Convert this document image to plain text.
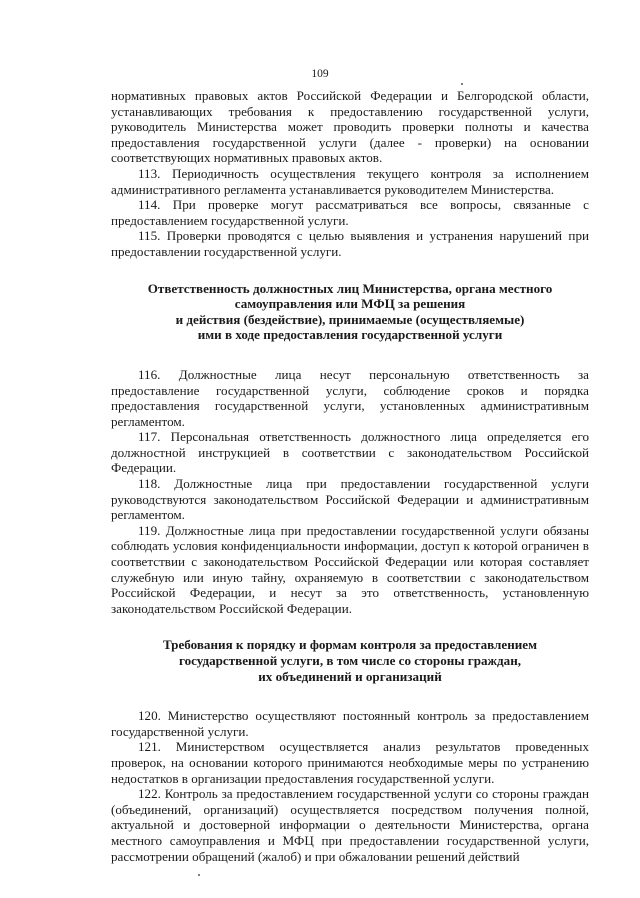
109

нормативных правовых актов Российской Федерации и Белгородской области, устанавливающих требования к предоставлению государственной услуги, руководитель Министерства может проводить проверки полноты и качества предоставления государственной услуги (далее - проверки) на основании соответствующих нормативных правовых актов.

113. Периодичность осуществления текущего контроля за исполнением административного регламента устанавливается руководителем Министерства.

114. При проверке могут рассматриваться все вопросы, связанные с предоставлением государственной услуги.

115. Проверки проводятся с целью выявления и устранения нарушений при предоставлении государственной услуги.

Ответственность должностных лиц Министерства, органа местного

самоуправления или МФЦ за решения

и действия (бездействие), принимаемые (осуществляемые)

ими в ходе предоставления государственной услуги

116. Должностные лица несут персональную ответственность за предоставление государственной услуги, соблюдение сроков и порядка предоставления государственной услуги, установленных административным регламентом.

117. Персональная ответственность должностного лица определяется его должностной инструкцией в соответствии с законодательством Российской Федерации.

118. Должностные лица при предоставлении государственной услуги руководствуются законодательством Российской Федерации и административным регламентом.

119. Должностные лица при предоставлении государственной услуги обязаны соблюдать условия конфиденциальности информации, доступ к которой ограничен в соответствии с законодательством Российской Федерации или которая составляет служебную или иную тайну, охраняемую в соответствии с законодательством Российской Федерации, и несут за это ответственность, установленную законодательством Российской Федерации.

Требования к порядку и формам контроля за предоставлением

государственной услуги, в том числе со стороны граждан,

их объединений и организаций

120. Министерство осуществляют постоянный контроль за предоставлением государственной услуги.

121. Министерством осуществляется анализ результатов проведенных проверок, на основании которого принимаются необходимые меры по устранению недостатков в организации предоставления государственной услуги.

122. Контроль за предоставлением государственной услуги со стороны граждан (объединений, организаций) осуществляется посредством получения полной, актуальной и достоверной информации о деятельности Министерства, органа местного самоуправления и МФЦ при предоставлении государственной услуги, рассмотрении обращений (жалоб) и при обжаловании решений действий
